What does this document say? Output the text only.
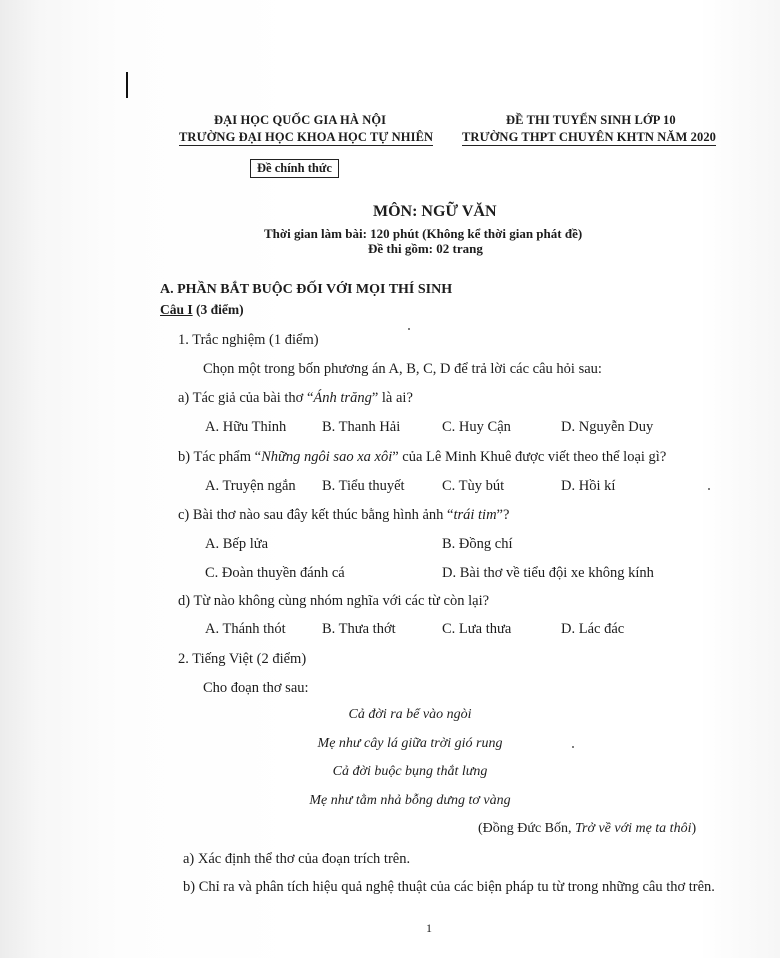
ĐẠI HỌC QUỐC GIA HÀ NỘI
TRƯỜNG ĐẠI HỌC KHOA HỌC TỰ NHIÊN
Đề chính thức
ĐỀ THI TUYỂN SINH LỚP 10
TRƯỜNG THPT CHUYÊN KHTN NĂM 2020
MÔN: NGỮ VĂN
Thời gian làm bài: 120 phút (Không kể thời gian phát đề)
Đề thi gồm: 02 trang
A. PHẦN BẮT BUỘC ĐỐI VỚI MỌI THÍ SINH
Câu I (3 điểm)
1. Trắc nghiệm (1 điểm)
Chọn một trong bốn phương án A, B, C, D để trả lời các câu hỏi sau:
a) Tác giả của bài thơ “Ánh trăng” là ai?
A. Hữu Thỉnh B. Thanh Hải	C. Huy Cận	D. Nguyễn Duy
b) Tác phẩm “Những ngôi sao xa xôi” của Lê Minh Khuê được viết theo thể loại gì?
A. Truyện ngắn B. Tiểu thuyết	C. Tùy bút	D. Hồi kí
c) Bài thơ nào sau đây kết thúc bằng hình ảnh “trái tim”?
A. Bếp lửa	B. Đồng chí
C. Đoàn thuyền đánh cá	D. Bài thơ về tiểu đội xe không kính
d) Từ nào không cùng nhóm nghĩa với các từ còn lại?
A. Thánh thót	B. Thưa thớt	C. Lưa thưa	D. Lác đác
2. Tiếng Việt (2 điểm)
Cho đoạn thơ sau:
Cả đời ra bể vào ngòi
Mẹ như cây lá giữa trời gió rung
Cả đời buộc bụng thắt lưng
Mẹ như tằm nhả bỗng dưng tơ vàng
(Đồng Đức Bốn, Trở về với mẹ ta thôi)
a) Xác định thể thơ của đoạn trích trên.
b) Chỉ ra và phân tích hiệu quả nghệ thuật của các biện pháp tu từ trong những câu thơ trên.
1
